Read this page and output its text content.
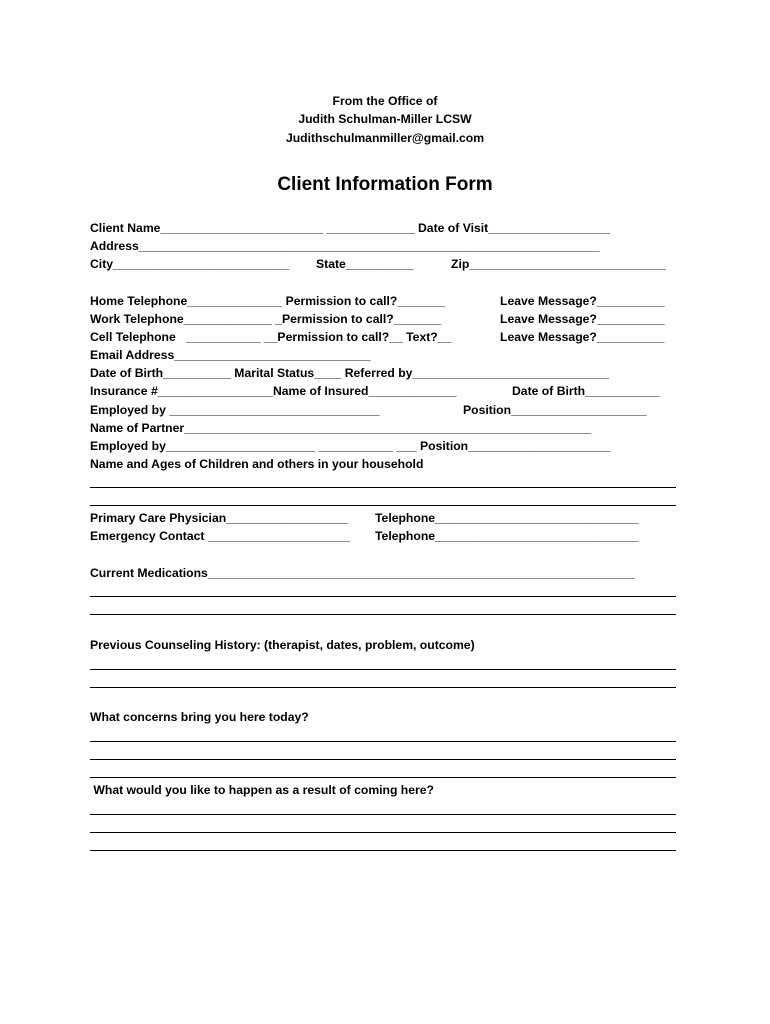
From the Office of
Judith Schulman-Miller LCSW
Judithschulmanmiller@gmail.com
Client Information Form
Client Name________________________ _____________ Date of Visit__________________
Address____________________________________________________________________
City__________________________ State__________	Zip_____________________________
Home Telephone______________ Permission to call?_______	Leave Message?__________
Work Telephone_____________ _Permission to call?_______	Leave Message?__________
Cell Telephone   ___________ __Permission to call?__ Text?__	Leave Message?__________
Email Address_____________________________
Date of Birth__________ Marital Status____ Referred by_____________________________
Insurance #_________________Name of Insured_____________	Date of Birth___________
Employed by _______________________________	Position____________________
Name of Partner____________________________________________________________
Employed by______________________ ___________ ___ Position_____________________
Name and Ages of Children and others in your household
Primary Care Physician__________________ Telephone______________________________
Emergency Contact _____________________ Telephone______________________________
Current Medications_______________________________________________________________
Previous Counseling History: (therapist, dates, problem, outcome)
What concerns bring you here today?
What would you like to happen as a result of coming here?
